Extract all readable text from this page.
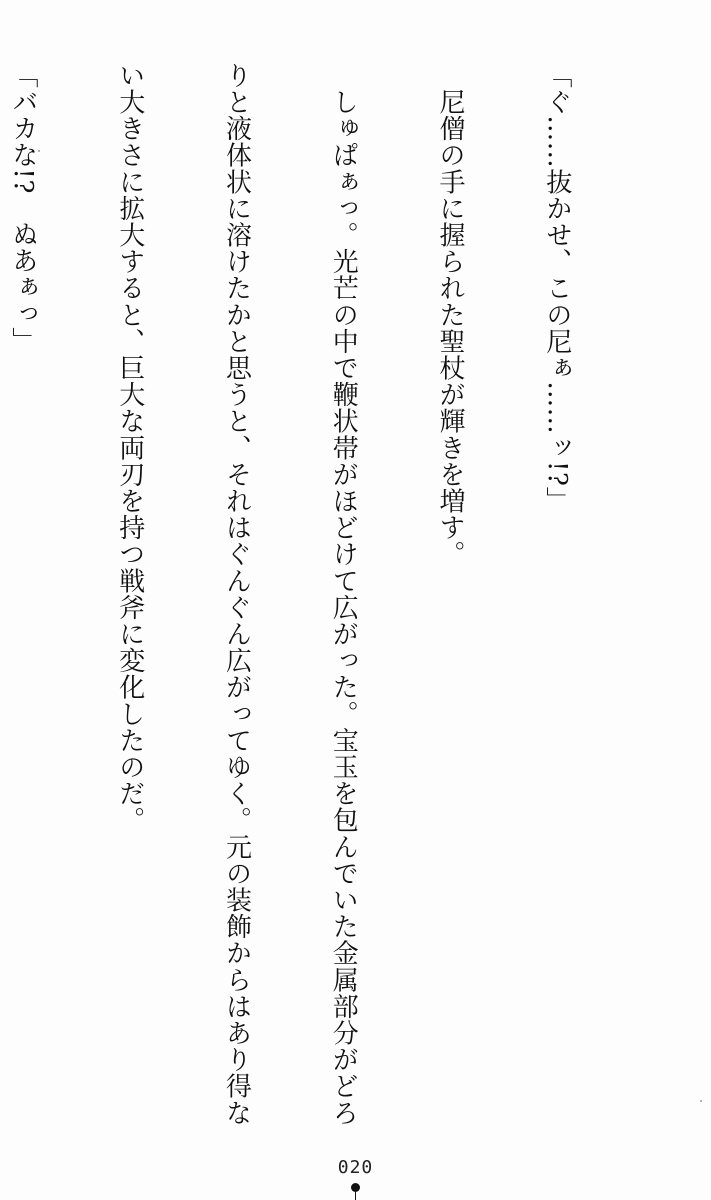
「ぐ……抜かせ、この尼ぁ……ッ!?」

　尼僧の手に握られた聖杖が輝きを増す。

　しゅぱぁっ。光芒の中で鞭状帯がほどけて広がった。宝玉を包んでいた金属部分がどろ

りと液体状に溶けたかと思うと、それはぐんぐん広がってゆく。元の装飾からはあり得な

い大きさに拡大すると、巨大な両刃を持つ戦斧に変化したのだ。

「バカな!?　ぬあぁっ」

020
